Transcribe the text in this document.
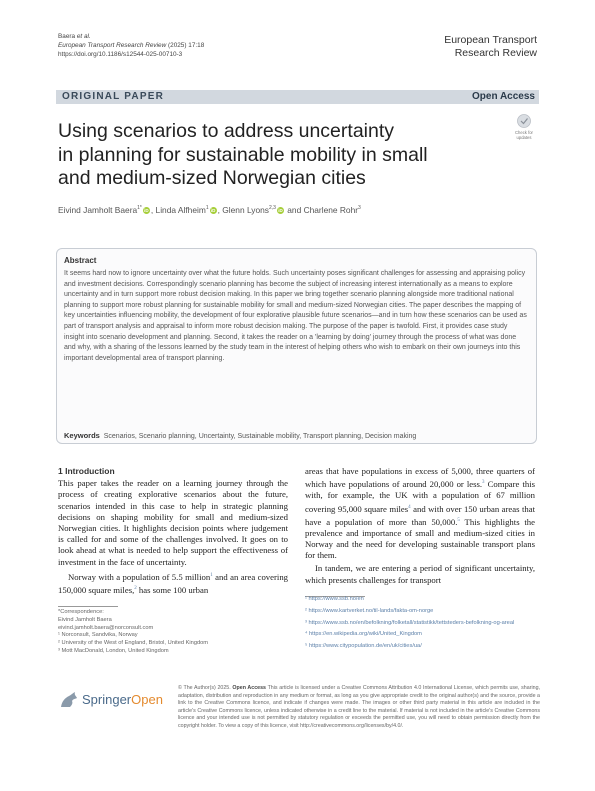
Baera et al.
European Transport Research Review (2025) 17:18
https://doi.org/10.1186/s12544-025-00710-3
European Transport
Research Review
ORIGINAL PAPER	Open Access
Check for
updates
Using scenarios to address uncertainty
in planning for sustainable mobility in small
and medium-sized Norwegian cities
Eivind Jamholt Baera$^{1*}$ iD , Linda Alfheim$^1$ iD , Glenn Lyons$^{2,3}$ iD and Charlene Rohr$^3$
Abstract
It seems hard now to ignore uncertainty over what the future holds. Such uncertainty poses significant challenges for assessing and appraising policy and investment decisions. Correspondingly scenario planning has become the subject of increasing interest internationally as a means to explore uncertainty and in turn support more robust decision making. In this paper we bring together scenario planning alongside more traditional national planning to support more robust planning for sustainable mobility for small and medium-sized Norwegian cities. The paper describes the mapping of key uncertainties influencing mobility, the development of four explorative plausible future scenarios—and in turn how these scenarios can be used as part of transport analysis and appraisal to inform more robust decision making. The purpose of the paper is twofold. First, it provides case study insight into scenario development and planning. Second, it takes the reader on a 'learning by doing' journey through the process of what was done and why, with a sharing of the lessons learned by the study team in the interest of helping others who wish to embark on their own journeys into this important developmental area of transport planning.
Keywords Scenarios, Scenario planning, Uncertainty, Sustainable mobility, Transport planning, Decision making
1 Introduction

This paper takes the reader on a learning journey through the process of creating explorative scenarios about the future, scenarios intended in this case to help in strategic planning decisions on shaping mobility for small and medium-sized Norwegian cities. It highlights decision points where judgement is called for and some of the challenges involved. It goes on to look ahead at what is needed to help support the effectiveness of investment in the face of uncertainty.

Norway with a population of 5.5 million$^1$ and an area covering 150,000 square miles,$^2$ has some 100 urban

areas that have populations in excess of 5,000, three quarters of which have populations of around 20,000 or less.$^3$ Compare this with, for example, the UK with a population of 67 million covering 95,000 square miles$^4$ and with over 150 urban areas that have a population of more than 50,000.$^5$ This highlights the prevalence and importance of small and medium-sized cities in Norway and the need for developing sustainable transport plans for them.

In tandem, we are entering a period of significant uncertainty, which presents challenges for transport

*Correspondence:
Eivind Jamholt Baera
eivind.jamholt.baera@norconsult.com
¹ Norconsult, Sandvika, Norway
² University of the West of England, Bristol, United Kingdom
³ Mott MacDonald, London, United Kingdom
¹ https://www.ssb.no/en
² https://www.kartverket.no/til-lands/fakta-om-norge
³ https://www.ssb.no/en/befolkning/folketall/statistikk/tettsteders-befolkning-og-areal
⁴ https://en.wikipedia.org/wiki/United_Kingdom
⁵ https://www.citypopulation.de/en/uk/cities/ua/
SpringerOpen
© The Author(s) 2025. Open Access This article is licensed under a Creative Commons Attribution 4.0 International License, which permits use, sharing, adaptation, distribution and reproduction in any medium or format, as long as you give appropriate credit to the original author(s) and the source, provide a link to the Creative Commons licence, and indicate if changes were made. The images or other third party material in this article are included in the article's Creative Commons licence, unless indicated otherwise in a credit line to the material. If material is not included in the article's Creative Commons licence and your intended use is not permitted by statutory regulation or exceeds the permitted use, you will need to obtain permission directly from the copyright holder. To view a copy of this licence, visit http://creativecommons.org/licenses/by/4.0/.
